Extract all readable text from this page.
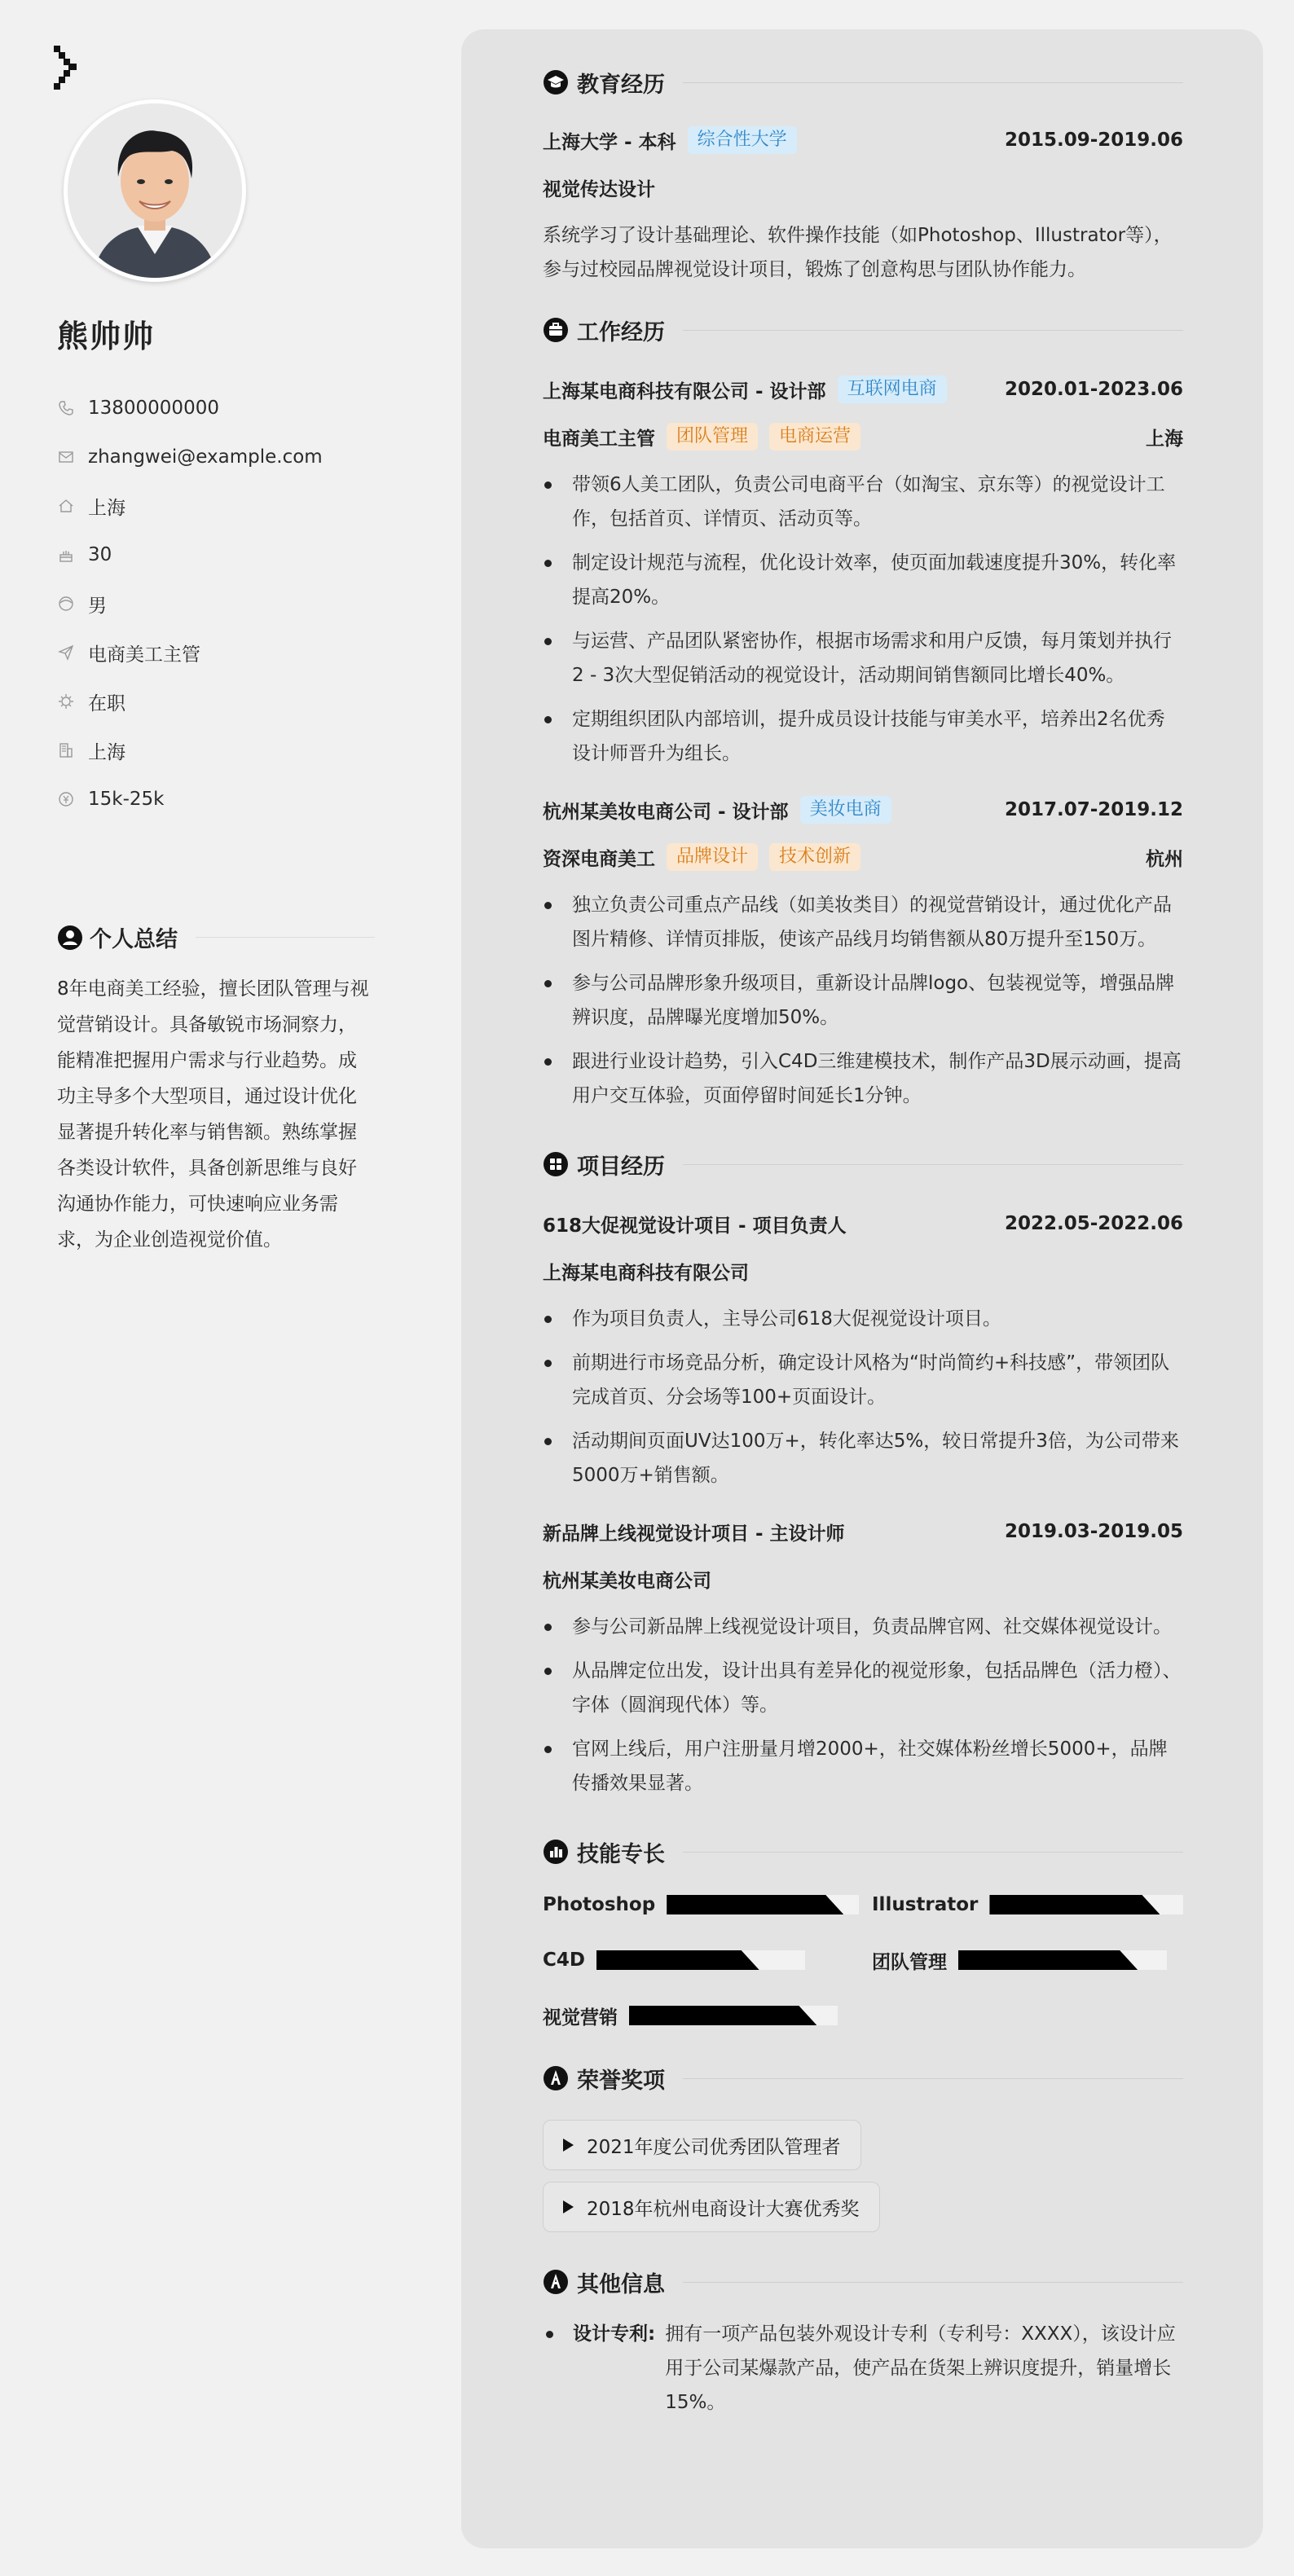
熊帅帅
13800000000
zhangwei@example.com
上海
30
男
电商美工主管
在职
上海
15k-25k
个人总结
8年电商美工经验，擅长团队管理与视觉营销设计。具备敏锐市场洞察力，能精准把握用户需求与行业趋势。成功主导多个大型项目，通过设计优化显著提升转化率与销售额。熟练掌握各类设计软件，具备创新思维与良好沟通协作能力，可快速响应业务需求，为企业创造视觉价值。
教育经历
上海大学 - 本科	综合性大学	2015.09-2019.06
视觉传达设计
系统学习了设计基础理论、软件操作技能（如Photoshop、Illustrator等），参与过校园品牌视觉设计项目，锻炼了创意构思与团队协作能力。
工作经历
上海某电商科技有限公司 - 设计部	互联网电商	2020.01-2023.06
电商美工主管	团队管理	电商运营	上海
带领6人美工团队，负责公司电商平台（如淘宝、京东等）的视觉设计工作，包括首页、详情页、活动页等。
制定设计规范与流程，优化设计效率，使页面加载速度提升30%，转化率提高20%。
与运营、产品团队紧密协作，根据市场需求和用户反馈，每月策划并执行2 - 3次大型促销活动的视觉设计，活动期间销售额同比增长40%。
定期组织团队内部培训，提升成员设计技能与审美水平，培养出2名优秀设计师晋升为组长。
杭州某美妆电商公司 - 设计部	美妆电商	2017.07-2019.12
资深电商美工	品牌设计	技术创新	杭州
独立负责公司重点产品线（如美妆类目）的视觉营销设计，通过优化产品图片精修、详情页排版，使该产品线月均销售额从80万提升至150万。
参与公司品牌形象升级项目，重新设计品牌logo、包装视觉等，增强品牌辨识度，品牌曝光度增加50%。
跟进行业设计趋势，引入C4D三维建模技术，制作产品3D展示动画，提高用户交互体验，页面停留时间延长1分钟。
项目经历
618大促视觉设计项目 - 项目负责人	2022.05-2022.06
上海某电商科技有限公司
作为项目负责人，主导公司618大促视觉设计项目。
前期进行市场竞品分析，确定设计风格为“时尚简约+科技感”，带领团队完成首页、分会场等100+页面设计。
活动期间页面UV达100万+，转化率达5%，较日常提升3倍，为公司带来5000万+销售额。
新品牌上线视觉设计项目 - 主设计师	2019.03-2019.05
杭州某美妆电商公司
参与公司新品牌上线视觉设计项目，负责品牌官网、社交媒体视觉设计。
从品牌定位出发，设计出具有差异化的视觉形象，包括品牌色（活力橙）、字体（圆润现代体）等。
官网上线后，用户注册量月增2000+，社交媒体粉丝增长5000+，品牌传播效果显著。
技能专长
Photoshop	Illustrator
C4D	团队管理
视觉营销
荣誉奖项
2021年度公司优秀团队管理者
2018年杭州电商设计大赛优秀奖
其他信息
设计专利: 拥有一项产品包装外观设计专利（专利号：XXXX），该设计应用于公司某爆款产品，使产品在货架上辨识度提升，销量增长15%。
